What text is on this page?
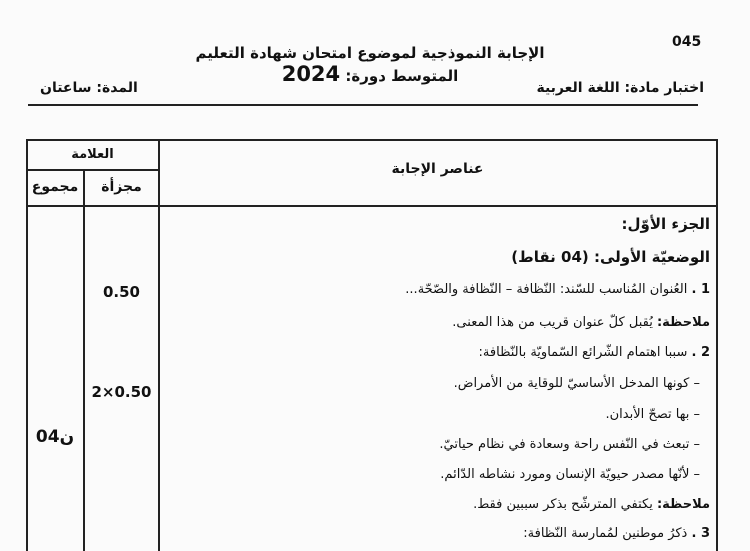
045
الإجابة النموذجية لموضوع امتحان شهادة التعليم المتوسط دورة: 2024
اختبار مادة: اللغة العربية
المدة: ساعتان
العلامة
مجموع	مجزأة
عناصر الإجابة
0.50
2×0.50
04ن
الجزء الأوّل:
الوضعيّة الأولى: (04 نقاط)
1 . العُنوان المُناسب للسّند: النّظافة – النّظافة والصّحّة...
ملاحظة: يُقبل كلّ عنوان قريب من هذا المعنى.
2 . سببا اهتمام الشّرائع السّماويّة بالنّظافة:
– كونها المدخل الأساسيّ للوقاية من الأمراض.
– بها تصحّ الأبدان.
– تبعث في النّفس راحة وسعادة في نظام حياتيّ.
– لأنّها مصدر حيويّة الإنسان ومورد نشاطه الدّائم.
ملاحظة: يكتفي المترشّح بذكر سببين فقط.
3 . ذكرُ موطنين لمُمارسة النّظافة:
